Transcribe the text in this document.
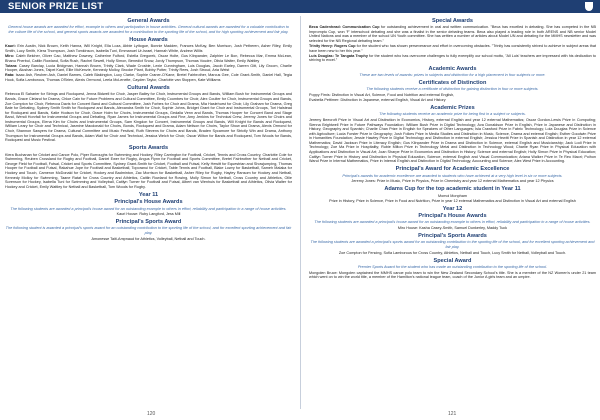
SENIOR PRIZE LIST
General Awards
General house awards are awarded for effort, example to others and participation in house activities. General cultural awards are awarded for a valuable contribution to the culture life of the school, and general sports awards are awarded for a contribution to the sporting life of the school, and for high sporting achievement and fair play.
House Awards
Kauri: Erin Austin, Nick Brown, Keith Hanna, Will Knight, Ella Loza, Abbie Lyttogue, Bonnie Madden, Frances McKay, Ben Morrison, Josh Petheren, Asher Riley, Emily Smith, Lucy Smith, Kiera Thompson, Josh Tomkinson, Isabella Tuni, Emmanuel Ur-Israel, Hannah White, Andrew Willis
Miro: Caleb Belcher, Oliver Cao, Matthew Downey, Catherine Fulford, Estella Gregorek, Oscar Holte, Gus Klinpander, Zalphier Le Bon, Rebecca Mar, Emma McLean, Bhanu Pherbul, Caitlin Rowland, Sofia Rush, Rachel Sewell, Holly Simon, Benedict Snow, Jordy Thompson, Thomas Voudre, Olivia Walter, Emily Wattley
Totara: Casey Barclay, Lucia Bridgman, Hannah Brown, Trinity Clark, Wade Crosbie, Lexie Cunningham, Luis Douglas, Jacob Earley, Darren Gitt, Lily Groom, Charlie Hooper, Alushan Jones, Taipei Kant, Ellie McKenzie, Kennedy Molloy, Brooke Plant, Bobby Potter, Trinity Rees, Josh Stroud, Aria Weist
Rata: Isaac Ash, Reuben Ash, Daniel Barnes, Caleb Blakington, Lucy Clarke, Sophie Craner-O'Kane, Bretel Fairbrother, Marcus Gee, Cole Grant-Smith, Daniel Hall, Tegia Hook, Sofia Lamborous, Thomas O'Brien, Alexis Orrmond, Leela McLenelte, Cayden Taylor, Charlotte van Stoppen, Kate Williams
Cultural Awards
Rebecca El Saharier for Strings and Rockquest, Jenna Bidwell for Choir, Jasper Bailey for Choir, Instrumental Groups and Bands, William Bush for Instrumental Groups and Bands, Grace Cleland for Drama, Chloe Cain for Future Problems and Cultural Committee, Emily Coombes for Choir, Alex Coulter for Choir, Instrumental Groups and Bands, Zoe Compton for Choir, Rebecca Davis for Concert Band and Cultural Committee, Josh Forbes for Choir and Drama, Mia Haslehurst for Choir, Lily Graham for Drama, Greg Bate for Debating, Sydney Smith Smith for Rockquest and Bands, Alexandra Smith for Choir, Sophie Johns, Bridget Grant for Choir and Instrumental Groups, Tori Halstead for Rockquest and Bands, Katie Hodson for Choir, Grace Holm for Choirs, Instrumental Groups, Gedalia Venn and Bands, Thomas Hooper for Concert Band and Stage Band, Wendi Horvfall for Instrumental Groups and Debating, Ryan James for Instrumental Groups and Fine, Amy Jenkins for Technical Crew, Jeremy Jones for Choirs and Instrumental Groups, Elena Kim for Choirs and Instrumental Groups, Sam Kingdon for Concert, Instrumental Groups and Bands, Will Knight for Bands and Rockquest, William Leary for Choir and Technical, Jasmine Macdonald for Choirs, Bonds, Rockquest and Drama, Adam Neilson for Choirs, Taylor Show and Drama, Alexis Ormond for Choir, Shannon Sawyers for Drama, Cultural Committee and Music Festival, Ruth Stevens for Choirs and Bands, Braden Sycamore for Strictly Win and Drama, Anthony Thompson for Instrumental Groups and Bands, Adam Wall for Choir and Technical, Jessica Welch for Choir, Oscar Wilton for Bands and Rockquest, Tom Woods for Bands, Rockquest and Music Festival.
Sports Awards
Kiera Buchanan for Cricket and Canoe Polo, Piper Burroughs for Swimming and Hockey, Riley Carrington for Football, Cricket, Tennis and Cross Country, Charlotte Cole for Swimming, Reuben Crossland for Rugby and Football, Daniel Ewer for Rugby, Angus Flynn for Football and Sports Committee, Bretel Fairbrother for Netball and Cricket, George Field for Football, Futsal, Cricket and Sports Committee, Sydney Grant-Smith for Cricket, Football and Futsal, Kelly Hewitt for Equestrian and Showjumping, Thomas Hooper for Football and Futsal, Rakahue Jope for Football and Basketball, Toporanui for Cricket, Table Tennis and Football, Blake Lowry for Basketball, Sameh Malaka for Hockey and Touch, Cameron McDonald for Cricket, Hockey and Badminton, Zac Morrison for Basketball, Asher Riley for Rugby, Hayley Ransom for Hockey and Netball, Kennedy Molloy for Swimming, Taane Ratat for Cross Country and Athletics, Caitlin Rowland for Rowing, Molly Simon for Netball, Cross Country and Athletics, Ollie Sorenson for Hockey, Isabella Tuni for Swimming and Volleyball, Caitlyn Turner for Football and Futsal, Albert van Wenhuis for Basketball and Athletics, Olivia Walter for Hockey and Cricket, Emily Wattley for Netball and Basketball, Tom Woods for Rugby.
Year 11
Principal's House Awards
The following students are awarded a principal's house award for an outstanding example to others in effort, reliability and participation in a range of house activities.
Kauri House: Ruby Langford, Jess Mill
Principal's Sports Award
The following student is awarded a principal's sports award for an outstanding contribution to the sporting life of the school, and for excellent sporting achievement and fair play.
Amonesse Taiti-Ampnaud for Athletics, Volleyball, Netball and Touch.
Special Awards
Beca Cadenhead: Communication Cup for outstanding achievement in oral and written communication. "Beca has excelled in debating. She has competed in the NB Impromptu Cup, won 'F' interschool debating and she was a finalist in the senior debating teams. Beca also played a leading role in both ARENS and NB senior Model United Nations and was a member of the school UN Youth committee. She has written a number of articles about Model UN and debating for the MMHS newsletter and was selected for the NB Regional debating team."
Trinity Henry: Rogers Cup for the student who has shown perseverance and effort in overcoming obstacles. "Trinity has consistently strived to achieve in subject areas that have been new to her this year."
Luis Douglas: Te Tangata Trophy for the student who has overcome challenges to fully exemplify our school motto, "All Luis' teachers are impressed with his dedication to striving to excel."
Academic Awards
These are two levels of awards: prizes in subjects and distinction for a high placement in four subjects or more.
Certificates of Distinction
The following students receive a certificate of distinction for gaining distinction in four or more subjects.
Poppy Fimis: Distinction in Visual Art, Science, Food and Nutrition and external English,
Evabella Pettimer: Distinction in Japanese, external English, Visual Art and History
Academic Prizes
The following students receive an academic prize for being first in a subject or subjects.
Jeremy Beecroft Prize in Visual Art and Distinction in Economics, History, external English and year 12 external Mathematics; Oscar Gordon-Lewis Prize in Computing; Sienna Brightwell Prize in Future Pathways Foundation; William Bush Prize in Digital Technology; Ava Donaldson Prize in English, Prize in Japanese and Distinction in History, Geography and Spanish; Charlie Chan Prize in English for Speakers of Other Languages; Isla Crawford Prize in Fabric Technology; Lola Douglas Prize in Science with Agriculture; Lucia Forster Prize in Geography; Josh Folkes Prize in Media Studies and Distinction in Music, Science, Drama and external English; Esther Goodwin Prize in Humanities Foundation; Jessie Hawley Prize in Digital Technology and Distinction in external English; Jessica Hewitt Prize in Spanish and Distinction in year 12 external Mathematics; David Jackson Prize in Literacy English; Gus Klinpander Prize in Drama and Distinction in Science, external English and Musicianship; Jack Lodi Prize in Technology; Zoe Ma Prize in Hospitality; Rubie Milton Prize in Technology Metal and Distinction in Technology Wood; Charlie Ryan Prize in Physical Education with Applications and Distinction in Visual Art; Joan Sharpe Prize in Economics and Distinction in History, Science and external English; Holly Simon Prize in Physical Education; Caitlyn Turner Prize in History and Distinction in Physical Education, Science, external English and Visual Communication; Ariana Walker Prize in Te Reo Maori; Poihon Wand Prize in Internal Mathematics, Prize in Internal English and Distinction in Digital Technology, Accounting and Science; Alex West Prize in Accounting.
Principal's Award for Academic Excellence
Principal's awards for academic excellence are awarded to students who have achieved at a very high level in six or more subjects.
Jeremy Jones: Prize in Music, Prize in Physics, Prize in Chemistry and year 12 external Mathematics and year 12 Physics
Adams Cup for the top academic student in Year 11
Momoi Monpham
Prize in History, Prize in Science, Prize in Food and Nutrition, Prize in year 12 external Mathematics and Distinction in Visual Art and external English
Year 12
Principal's House Awards
The following students are awarded a principal's house award for an outstanding example to others in effort, reliability and participation in a range of house activities.
Miro House: Kasha Casey-Smith, Samuel Dunkerley, Maddy Tuck
Principal's Sports Awards
The following students are awarded a principal's sports award for an outstanding contribution to the sporting life of the school, and for excellent sporting achievement and fair play.
Zoe Compton for Fencing, Sofia Lamborous for Cross Country, Athletics, Netball and Touch, Lucy Smith for Netball, Volleyball and Touch.
Special Award
Premier Sports Award for the student who has made an outstanding contribution to the sporting life of the school.
Mongolen Bruce: Mongolen captained the MMHS canoe polo team to win the New Zealand Secondary School's title. She is a member of the NZ Women's under 21 team which went on to win the world title, a member of the Hamilton's national league team, coach of the Junior A girls team and an umpire.
120	121
